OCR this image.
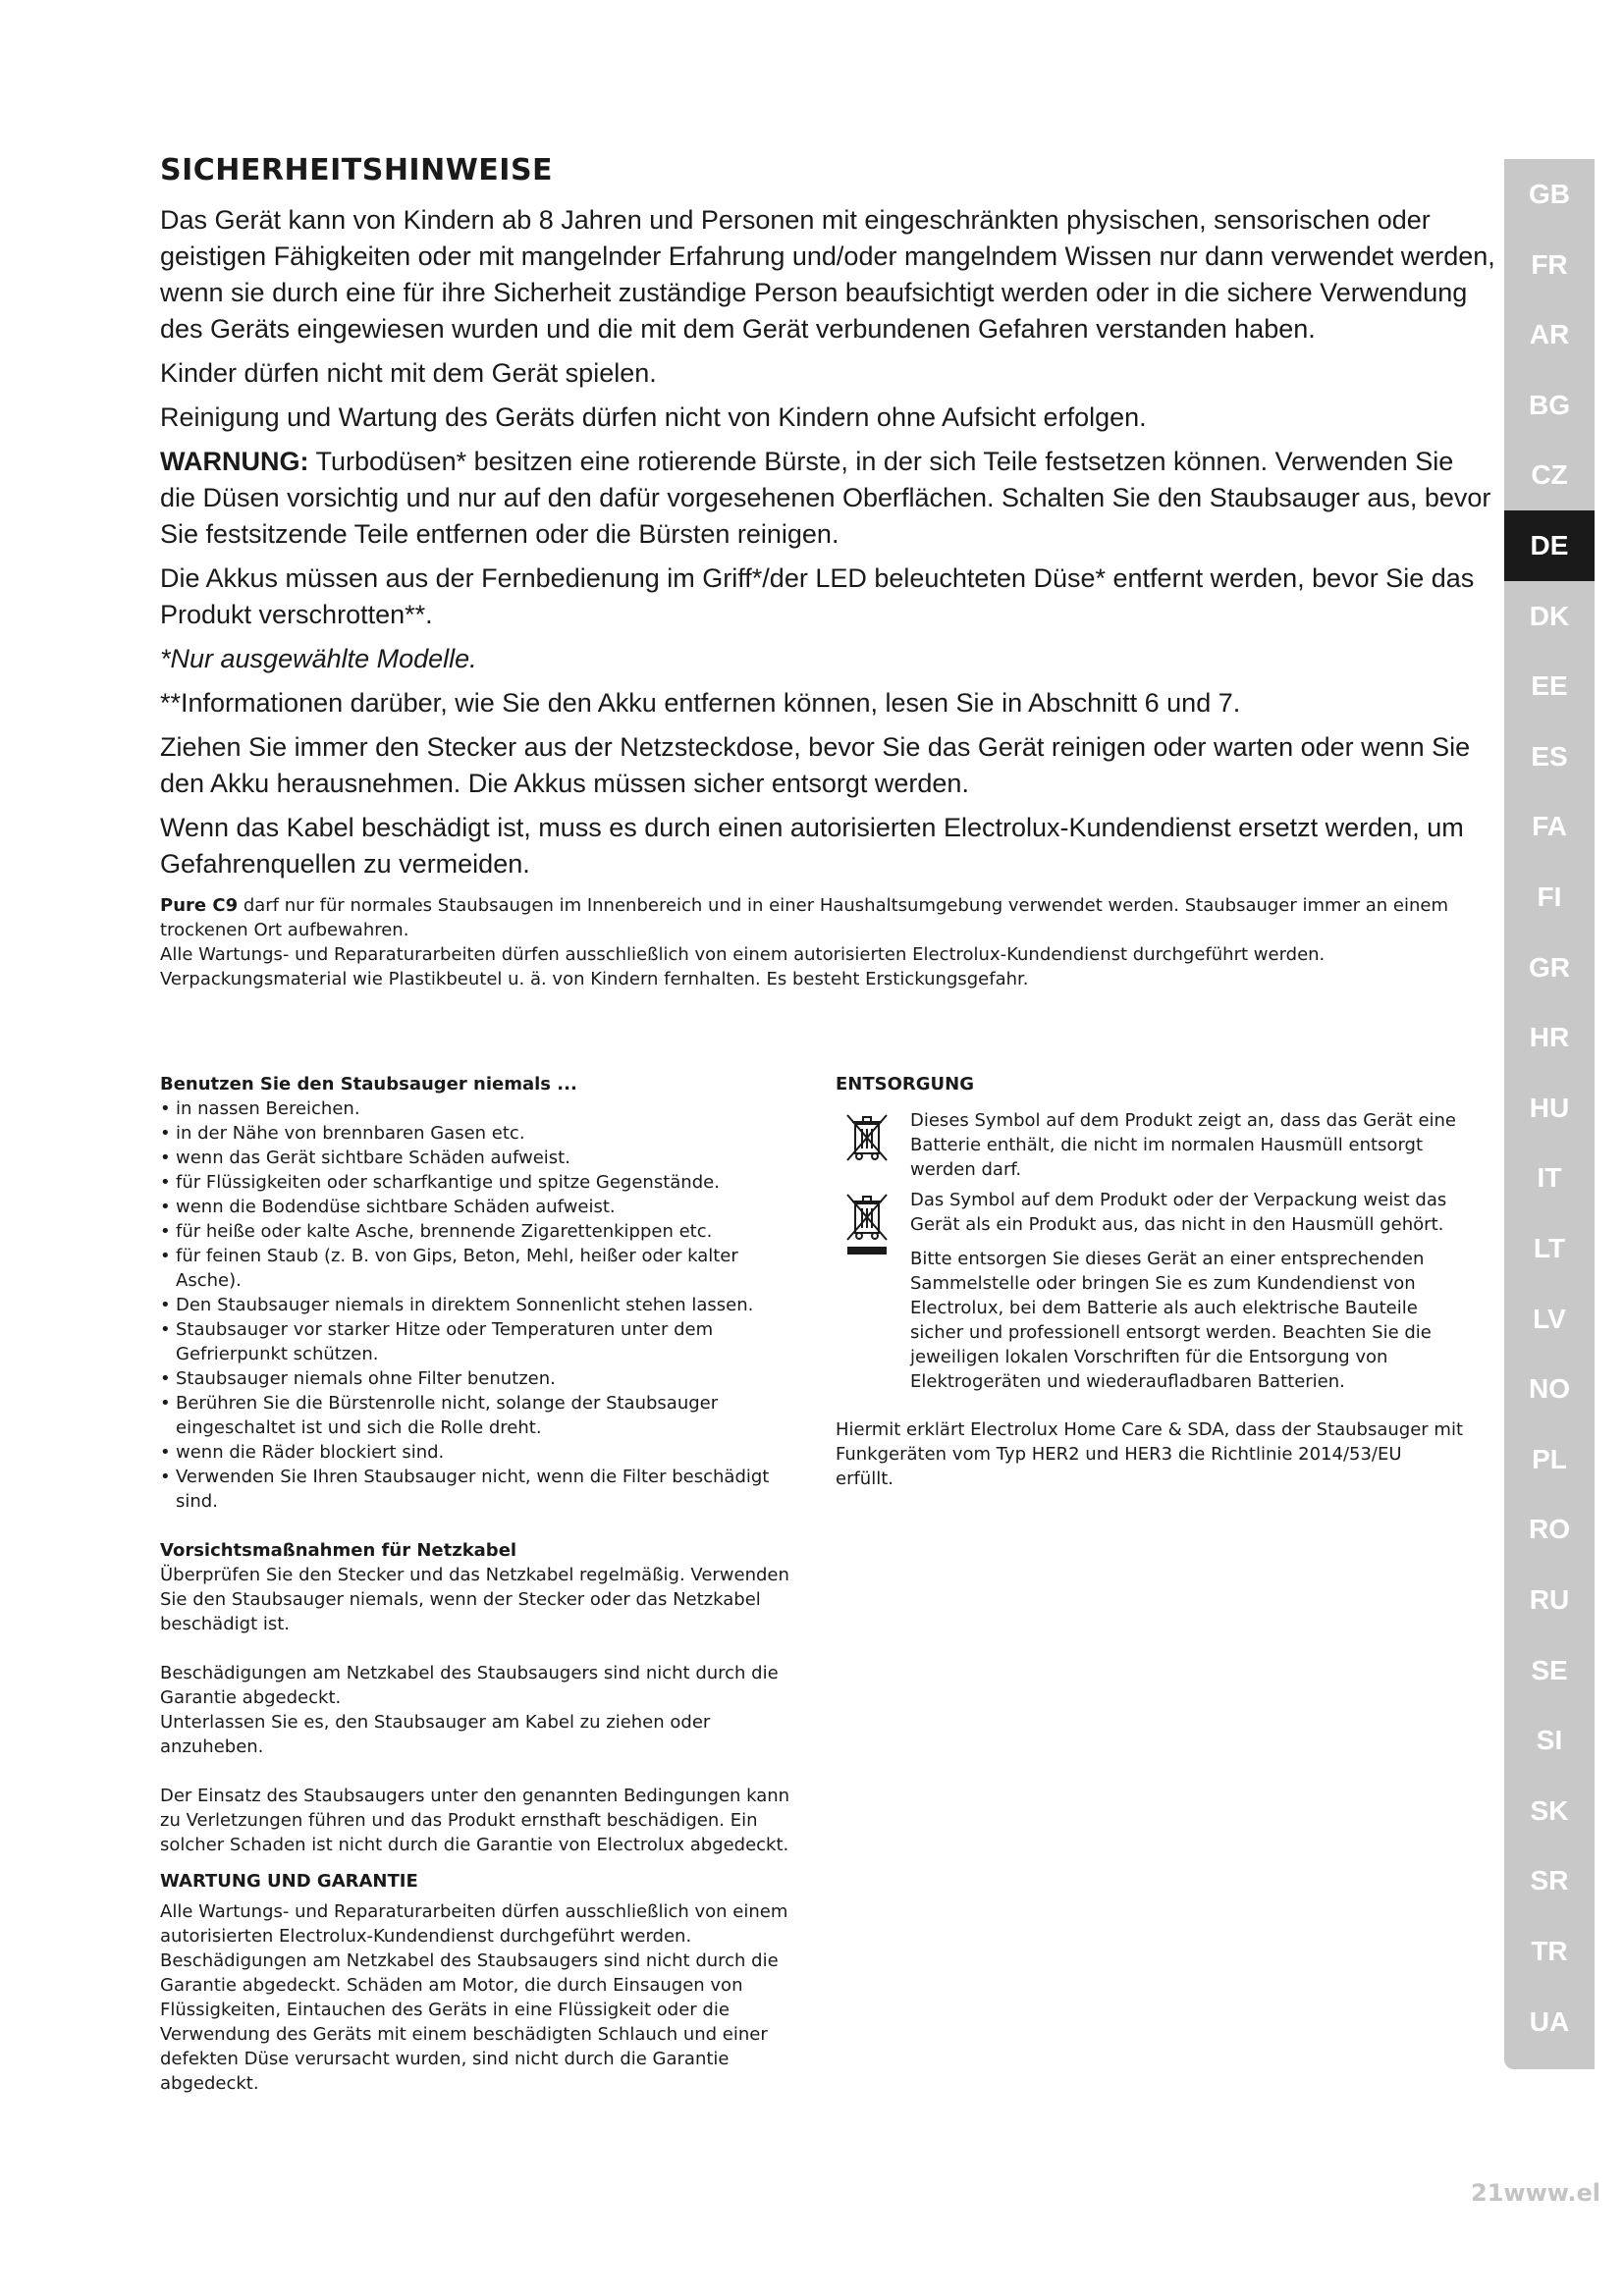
SICHERHEITSHINWEISE

Das Gerät kann von Kindern ab 8 Jahren und Personen mit eingeschränkten physischen, sensorischen oder geistigen Fähigkeiten oder mit mangelnder Erfahrung und/oder mangelndem Wissen nur dann verwendet werden, wenn sie durch eine für ihre Sicherheit zuständige Person beaufsichtigt werden oder in die sichere Verwendung des Geräts eingewiesen wurden und die mit dem Gerät verbundenen Gefahren verstanden haben.

Kinder dürfen nicht mit dem Gerät spielen.

Reinigung und Wartung des Geräts dürfen nicht von Kindern ohne Aufsicht erfolgen.

WARNUNG: Turbodüsen* besitzen eine rotierende Bürste, in der sich Teile festsetzen können. Verwenden Sie die Düsen vorsichtig und nur auf den dafür vorgesehenen Oberflächen. Schalten Sie den Staubsauger aus, bevor Sie festsitzende Teile entfernen oder die Bürsten reinigen.

Die Akkus müssen aus der Fernbedienung im Griff*/der LED beleuchteten Düse* entfernt werden, bevor Sie das Produkt verschrotten**.

*Nur ausgewählte Modelle.

**Informationen darüber, wie Sie den Akku entfernen können, lesen Sie in Abschnitt 6 und 7.

Ziehen Sie immer den Stecker aus der Netzsteckdose, bevor Sie das Gerät reinigen oder warten oder wenn Sie den Akku herausnehmen. Die Akkus müssen sicher entsorgt werden.

Wenn das Kabel beschädigt ist, muss es durch einen autorisierten Electrolux-Kundendienst ersetzt werden, um Gefahrenquellen zu vermeiden.

Pure C9 darf nur für normales Staubsaugen im Innenbereich und in einer Haushaltsumgebung verwendet werden. Staubsauger immer an einem trockenen Ort aufbewahren.

Alle Wartungs- und Reparaturarbeiten dürfen ausschließlich von einem autorisierten Electrolux-Kundendienst durchgeführt werden.

Verpackungsmaterial wie Plastikbeutel u. ä. von Kindern fernhalten. Es besteht Erstickungsgefahr.

Benutzen Sie den Staubsauger niemals ...
• in nassen Bereichen.
• in der Nähe von brennbaren Gasen etc.
• wenn das Gerät sichtbare Schäden aufweist.
• für Flüssigkeiten oder scharfkantige und spitze Gegenstände.
• wenn die Bodendüse sichtbare Schäden aufweist.
• für heiße oder kalte Asche, brennende Zigarettenkippen etc.
• für feinen Staub (z. B. von Gips, Beton, Mehl, heißer oder kalter Asche).
• Den Staubsauger niemals in direktem Sonnenlicht stehen lassen.
• Staubsauger vor starker Hitze oder Temperaturen unter dem Gefrierpunkt schützen.
• Staubsauger niemals ohne Filter benutzen.
• Berühren Sie die Bürstenrolle nicht, solange der Staubsauger eingeschaltet ist und sich die Rolle dreht.
• wenn die Räder blockiert sind.
• Verwenden Sie Ihren Staubsauger nicht, wenn die Filter beschädigt sind.
Vorsichtsmaßnahmen für Netzkabel

Überprüfen Sie den Stecker und das Netzkabel regelmäßig. Verwenden Sie den Staubsauger niemals, wenn der Stecker oder das Netzkabel beschädigt ist.

Beschädigungen am Netzkabel des Staubsaugers sind nicht durch die Garantie abgedeckt.

Unterlassen Sie es, den Staubsauger am Kabel zu ziehen oder anzuheben.

Der Einsatz des Staubsaugers unter den genannten Bedingungen kann zu Verletzungen führen und das Produkt ernsthaft beschädigen. Ein solcher Schaden ist nicht durch die Garantie von Electrolux abgedeckt.

WARTUNG UND GARANTIE

Alle Wartungs- und Reparaturarbeiten dürfen ausschließlich von einem autorisierten Electrolux-Kundendienst durchgeführt werden.

Beschädigungen am Netzkabel des Staubsaugers sind nicht durch die Garantie abgedeckt. Schäden am Motor, die durch Einsaugen von Flüssigkeiten, Eintauchen des Geräts in eine Flüssigkeit oder die Verwendung des Geräts mit einem beschädigten Schlauch und einer defekten Düse verursacht wurden, sind nicht durch die Garantie abgedeckt.

ENTSORGUNG
Dieses Symbol auf dem Produkt zeigt an, dass das Gerät eine Batterie enthält, die nicht im normalen Hausmüll entsorgt werden darf.
Das Symbol auf dem Produkt oder der Verpackung weist das Gerät als ein Produkt aus, das nicht in den Hausmüll gehört.
Bitte entsorgen Sie dieses Gerät an einer entsprechenden Sammelstelle oder bringen Sie es zum Kundendienst von Electrolux, bei dem Batterie als auch elektrische Bauteile sicher und professionell entsorgt werden. Beachten Sie die jeweiligen lokalen Vorschriften für die Entsorgung von Elektrogeräten und wiederaufladbaren Batterien.

Hiermit erklärt Electrolux Home Care & SDA, dass der Staubsauger mit Funkgeräten vom Typ HER2 und HER3 die Richtlinie 2014/53/EU erfüllt.

GB
FR
AR
BG
CZ
DE
DK
EE
ES
FA
FI
GR
HR
HU
IT
LT
LV
NO
PL
RO
RU
SE
SI
SK
SR
TR
UA
21www.el
